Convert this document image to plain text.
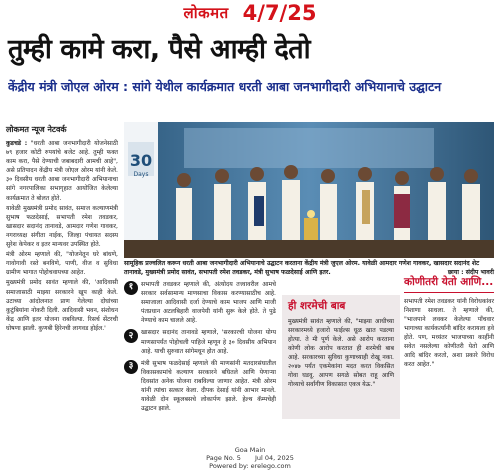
लोकमत 4/7/25
तुम्ही कामे करा, पैसे आम्ही देतो
केंद्रीय मंत्री जोएल ओरम : सांगे येथील कार्यक्रमात धरती आबा जनभागीदारी अभियानाचे उद्घाटन
लोकमत न्यूज नेटवर्क

कुडचडे : "धरती आबा जनभागीदारी योजनेसाठी ७९ हजार कोटी रुपयांचे बजेट आहे. तुम्ही फक्त काम करा, पैसे देण्याची जबाबदारी आमची आहे", असे प्रतिपादन केंद्रीय मंत्री जोएल ओरम यांनी केले. ३० दिवसीय धरती आबा जनभागीदारी अभियानाचा सांगे नगरपालिका सभागृहात आयोजित केलेल्या कार्यक्रमात ते बोलत होते.

यावेळी मुख्यमंत्री प्रमोद सावंत, समाज कल्याणमंत्री सुभाष फळदेसाई, सभापती रमेश तवडकर, खासदार सदानंद तानावडे, आमदार गणेश गावकर, नगराध्यक्ष संगीता नाईक, जिल्हा पंचायत सदस्य सुरेश केपेकर व इतर मान्यवर उपस्थित होते.

मंत्री ओरम म्हणाले की, "योजनेतून घरे बांधणे, गावोगावी रस्ते बनविणे, पाणी, वीज व सुविधा ग्रामीण भागात पोहोचवायच्या आहेत.

मुख्यमंत्री प्रमोद सावंत म्हणाले की, 'आदिवासी समाजासाठी माझ्या सरकारने खूप काही केले. उटाच्या आंदोलनात प्राण गेलेल्या दोघांच्या कुटुंबियांना नोकरी दिली. आदिवासी भवन, संशोधन केंद्र आणि इतर योजना राबविल्या. रिसर्च सेंटरची घोषणा झाली. कुणबी हिरेनची लागवड होईल.'

30
Days
सामूहिक प्रज्वलित करून धरती आबा जनभागीदारी अभियानाचे उद्घाटन करताना केंद्रीय मंत्री जुएल ओरम. यावेळी आमदार गणेश गावकर, खासदार सदानंद शेट तानावडे, मुख्यमंत्री प्रमोद सावंत, सभापती रमेश तवडकर, मंत्री सुभाष फळदेसाई आणि इतर.	छाया : संदीप भावरी
१	सभापती तवडकर म्हणाले की, अंत्योदय तत्त्वावरील आमचे सरकार सर्वसामान्य माणसाचा विकास करण्यासाठीच आहे. समाजाला आदिवासी दर्जा देण्याचे काम भाजप आणि माजी पंतप्रधान अटलबिहारी वाजपेयी यांनी सुरू केले होते. ते पुढे नेण्याचे काम चालले आहे.
२	खासदार सदानंद तानावडे म्हणाले, 'सरकारची योजना योग्य माणसापर्यंत पोहोचली पाहिजे म्हणून हे ३० दिवसीय अभियान आहे. याची सुरुवात सांगेमधून होत आहे.
३	मंत्री सुभाष फळदेसाई म्हणाले की माणसांनी मतदारसंघातील विकासकामांचे कल्याण सरकारने बघितले आणि येणाऱ्या दिवसांत अनेक योजना राबविल्या जाणार आहेत. मंत्री ओरम यांनी त्यांचा सत्कार केला. दीपक देसाई यांनी आभार मानले. यावेळी दोन स्कूलबसचे लोकार्पण झाले. हेल्थ कॅम्पचेही उद्घाटन झाले.
ही शरमेची बाब
मुख्यमंत्री सावंत म्हणाले की, "माझ्या आधीच्या सरकारमध्ये हजारो फाईल्स धूळ खात पडल्या होत्या. ते मी पूर्ण केले. असे आरोप करताना कोणी लोक आरोप करतात ही शरमेची बाब आहे. सरकारच्या सुविधा कुणाच्याही रोखू नका. २०४७ पर्यंत एकमेकांना मदत करत विकसित गोवा घडवू. आपण सगळे सोबत राहू आणि गोव्याचे सर्वांगीण विकासात एकत्र येऊ."
कोणीतरी येतो आणि...
सभापती रमेश तवडकर यांनी विरोधकांवर निशाणा साधला. ते म्हणाले की, "भाजपाने लवकर केलेल्या पाँचवार भागाच्या कार्यकर्त्यांनी बांदिर करायला हवे होते. पण, मध्यंतर भाजपाच्या काहींनी सवेत नसलेल्या कोणीतरी येतो आणि आदि बांदिर करतो, अशा प्रकारे विरोध करत आहेत."
Goa Main
Page No. 5 Jul 04, 2025
Powered by: erelego.com
